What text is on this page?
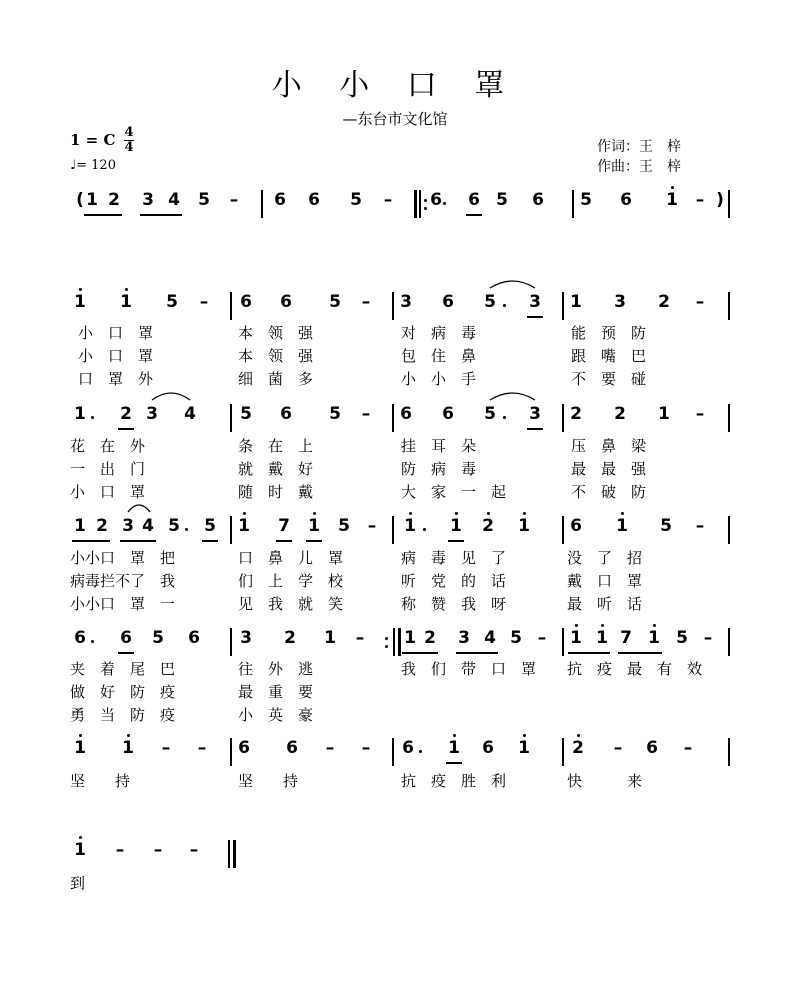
小 小 口 罩
—东台市文化馆
1 = C 4
4
♩= 120
作词：王　梓
作曲：王　梓
( 1 2 3 4 5 – 6 6 5 – 6 6 5 6 5 6 1 – )
1 1 5 – 6 6 5 – 3 6 5 3 1 3 2 –
1 2 3 4	5 6 5 – 6 6 5 3 2 2 1 –
1 2 3 4 5 5 1 7 1 5 – 1 1 2 1 6 1 5 –
6 6 5 6 3 2 1 – 1 2 3 4 5 – 1 1 7 1 5 –
1 1 – – 6 6 – – 6 1 6 1 2 – 6 –
1 – – –
小　口　罩	本　领　强	对　病　毒	能　预　防
小　口　罩	本　领　强	包　住　鼻	跟　嘴　巴
口　罩　外	细　菌　多	小　小　手	不　要　碰
花　在　外	条　在　上	挂　耳　朵	压　鼻　梁
一　出　门	就　戴　好	防　病　毒	最　最　强
小　口　罩	随　时　戴	大　家　一　起	不　破　防
小小口　罩　把	口　鼻　儿　罩	病　毒　见　了	没　了　招
病毒拦不了　我	们　上　学　校	听　党　的　话	戴　口　罩
小小口　罩　一	见　我　就　笑	称　赞　我　呀	最　听　话
夹　着　尾　巴	往　外　逃	我　们　带　口　罩 抗　疫　最　有　效
做　好　防　疫	最　重　要
勇　当　防　疫	小　英　豪
坚　　持	坚　　持	抗　疫　胜　利	快　　　来
到
